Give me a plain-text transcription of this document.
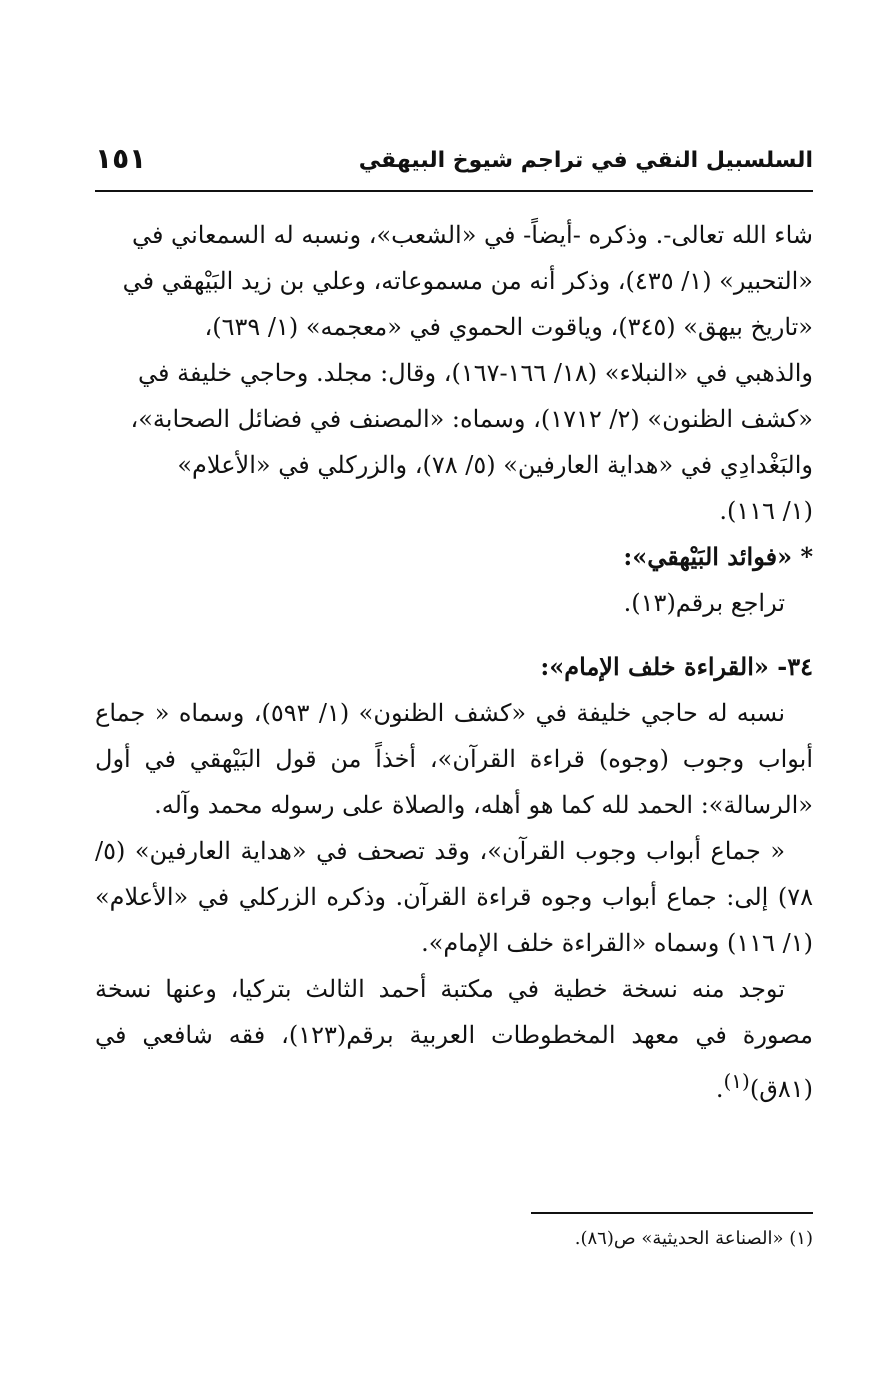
السلسبيل النقي في تراجم شيوخ البيهقي
١٥١

شاء الله تعالى-. وذكره -أيضاً- في «الشعب»، ونسبه له السمعاني في

«التحبير» (١/ ٤٣٥)، وذكر أنه من مسموعاته، وعلي بن زيد البَيْهقي في

«تاريخ بيهق» (٣٤٥)، وياقوت الحموي في «معجمه» (١/ ٦٣٩)،

والذهبي في «النبلاء» (١٨/ ١٦٦-١٦٧)، وقال: مجلد. وحاجي خليفة في

«كشف الظنون» (٢/ ١٧١٢)، وسماه: «المصنف في فضائل الصحابة»،

والبَغْدادِي في «هداية العارفين» (٥/ ٧٨)، والزركلي في «الأعلام»

(١/ ١١٦).

* «فوائد البَيْهقي»:

تراجع برقم(١٣).

٣٤- «القراءة خلف الإمام»:

نسبه له حاجي خليفة في «كشف الظنون» (١/ ٥٩٣)، وسماه « جماع أبواب وجوب (وجوه) قراءة القرآن»، أخذاً من قول البَيْهقي في أول «الرسالة»: الحمد لله كما هو أهله، والصلاة على رسوله محمد وآله.

« جماع أبواب وجوب القرآن»، وقد تصحف في «هداية العارفين» (٥/ ٧٨) إلى: جماع أبواب وجوه قراءة القرآن. وذكره الزركلي في «الأعلام» (١/ ١١٦) وسماه «القراءة خلف الإمام».

توجد منه نسخة خطية في مكتبة أحمد الثالث بتركيا، وعنها نسخة مصورة في معهد المخطوطات العربية برقم(١٢٣)، فقه شافعي في (٨١ق)$^{(١)}$.

(١) «الصناعة الحديثية» ص(٨٦).
